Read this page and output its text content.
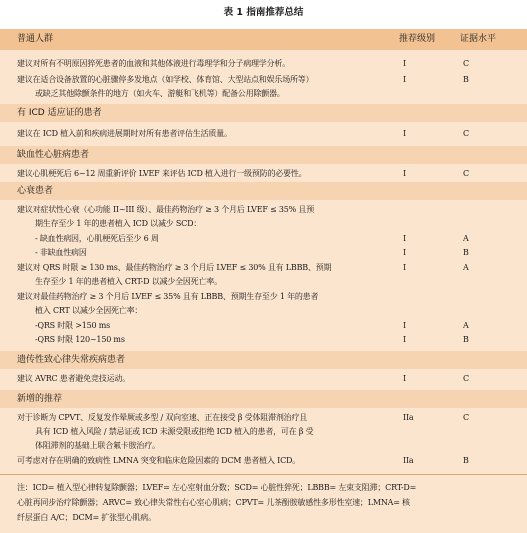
表 1 指南推荐总结
普通人群	推荐级别	证据水平
建议对所有不明原因猝死患者的血液和其他体液进行毒理学和分子病理学分析。	I	C
建议在适合设备放置的心脏骤停多发地点（如学校、体育馆、大型站点和娱乐场所等）	I	B
或缺乏其他除颤条件的地方（如火车、游艇和飞机等）配备公用除颤器。
有 ICD 适应证的患者
建议在 ICD 植入前和疾病进展期时对所有患者评估生活质量。	I	C
缺血性心脏病患者
建议心肌梗死后 6~12 周重新评价 LVEF 来评估 ICD 植入进行一级预防的必要性。	I	C
心衰患者
建议对症状性心衰（心功能 II~III 级）、最佳药物治疗 ≥ 3 个月后 LVEF ≤ 35% 且预
期生存至少 1 年的患者植入 ICD 以减少 SCD：
- 缺血性病因，心肌梗死后至少 6 周	I	A
- 非缺血性病因	I	B
建议对 QRS 时限 ≥ 130 ms、最佳药物治疗 ≥ 3 个月后 LVEF ≤ 30% 且有 LBBB、预期	I	A
生存至少 1 年的患者植入 CRT-D 以减少全因死亡率。
建议对最佳药物治疗 ≥ 3 个月后 LVEF ≤ 35% 且有 LBBB、预期生存至少 1 年的患者
植入 CRT 以减少全因死亡率：
-QRS 时限 >150 ms	I	A
-QRS 时限 120~150 ms	I	B
遗传性致心律失常疾病患者
建议 AVRC 患者避免竞技运动。	I	C
新增的推荐
对于诊断为 CPVT、反复发作晕厥或多型 / 双向室速、正在接受 β 受体阻滞剂治疗且	IIa	C
具有 ICD 植入风险 / 禁忌证或 ICD 未源受限或拒绝 ICD 植入的患者，可在 β 受
体阻滞剂的基础上联合氟卡胺治疗。
可考虑对存在明确的致病性 LMNA 突变和临床危险因素的 DCM 患者植入 ICD。	IIa	B
注：ICD= 植入型心律转复除颤器；LVEF= 左心室射血分数；SCD= 心脏性猝死；LBBB= 左束支阻滞；CRT-D=
心脏再同步治疗除颤器；ARVC= 致心律失常性右心室心肌病；CPVT= 儿茶酚胺敏感性多形性室速；LMNA= 核
纤层蛋白 A/C；DCM= 扩张型心肌病。
